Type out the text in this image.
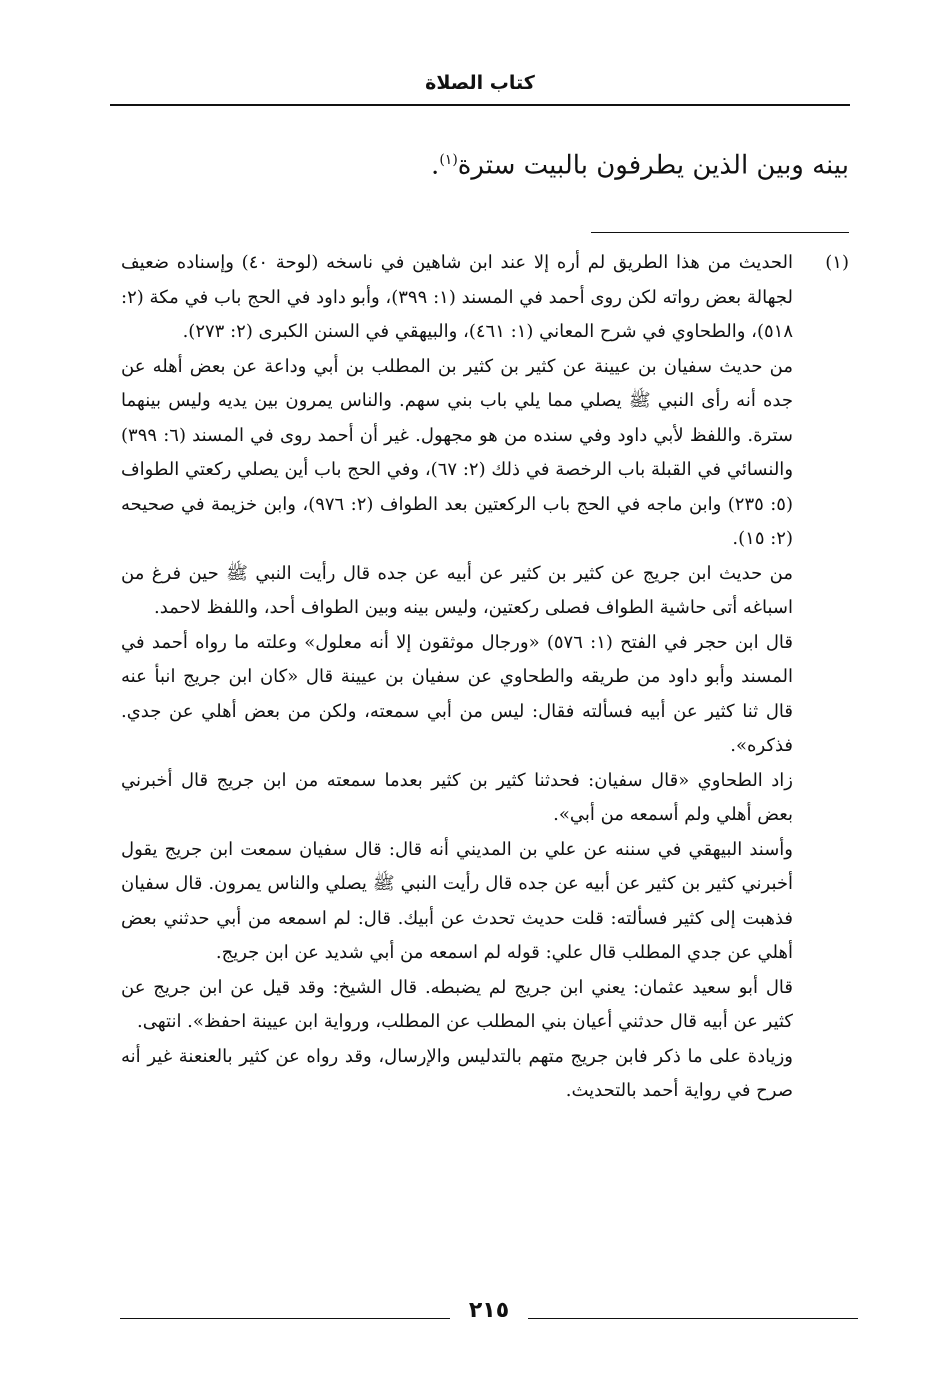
كتاب الصلاة
بينه وبين الذين يطرفون بالبيت سترة$^{(١)}$.
(١)

الحديث من هذا الطريق لم أره إلا عند ابن شاهين في ناسخه (لوحة ٤٠) وإسناده ضعيف لجهالة بعض رواته لكن روى أحمد في المسند (١: ٣٩٩)، وأبو داود في الحج باب في مكة (٢: ٥١٨)، والطحاوي في شرح المعاني (١: ٤٦١)، والبيهقي في السنن الكبرى (٢: ٢٧٣).

من حديث سفيان بن عيينة عن كثير بن كثير بن المطلب بن أبي وداعة عن بعض أهله عن جده أنه رأى النبي ﷺ يصلي مما يلي باب بني سهم. والناس يمرون بين يديه وليس بينهما سترة. واللفظ لأبي داود وفي سنده من هو مجهول. غير أن أحمد روى في المسند (٦: ٣٩٩) والنسائي في القبلة باب الرخصة في ذلك (٢: ٦٧)، وفي الحج باب أين يصلي ركعتي الطواف (٥: ٢٣٥) وابن ماجه في الحج باب الركعتين بعد الطواف (٢: ٩٧٦)، وابن خزيمة في صحيحه (٢: ١٥).

من حديث ابن جريج عن كثير بن كثير عن أبيه عن جده قال رأيت النبي ﷺ حين فرغ من اسباغه أتى حاشية الطواف فصلى ركعتين، وليس بينه وبين الطواف أحد، واللفظ لاحمد.

قال ابن حجر في الفتح (١: ٥٧٦) «ورجال موثقون إلا أنه معلول» وعلته ما رواه أحمد في المسند وأبو داود من طريقه والطحاوي عن سفيان بن عيينة قال «كان ابن جريج انبأ عنه قال ثنا كثير عن أبيه فسألته فقال: ليس من أبي سمعته، ولكن من بعض أهلي عن جدي. فذكره».

زاد الطحاوي «قال سفيان: فحدثنا كثير بن كثير بعدما سمعته من ابن جريج قال أخبرني بعض أهلي ولم أسمعه من أبي».

وأسند البيهقي في سننه عن علي بن المديني أنه قال: قال سفيان سمعت ابن جريج يقول أخبرني كثير بن كثير عن أبيه عن جده قال رأيت النبي ﷺ يصلي والناس يمرون. قال سفيان فذهبت إلى كثير فسألته: قلت حديث تحدث عن أبيك. قال: لم اسمعه من أبي حدثني بعض أهلي عن جدي المطلب قال علي: قوله لم اسمعه من أبي شديد عن ابن جريج.

قال أبو سعيد عثمان: يعني ابن جريج لم يضبطه. قال الشيخ: وقد قيل عن ابن جريج عن كثير عن أبيه قال حدثني أعيان بني المطلب عن المطلب، ورواية ابن عيينة احفظ». انتهى.

وزيادة على ما ذكر فابن جريج متهم بالتدليس والإرسال، وقد رواه عن كثير بالعنعنة غير أنه صرح في رواية أحمد بالتحديث.

٢١٥
